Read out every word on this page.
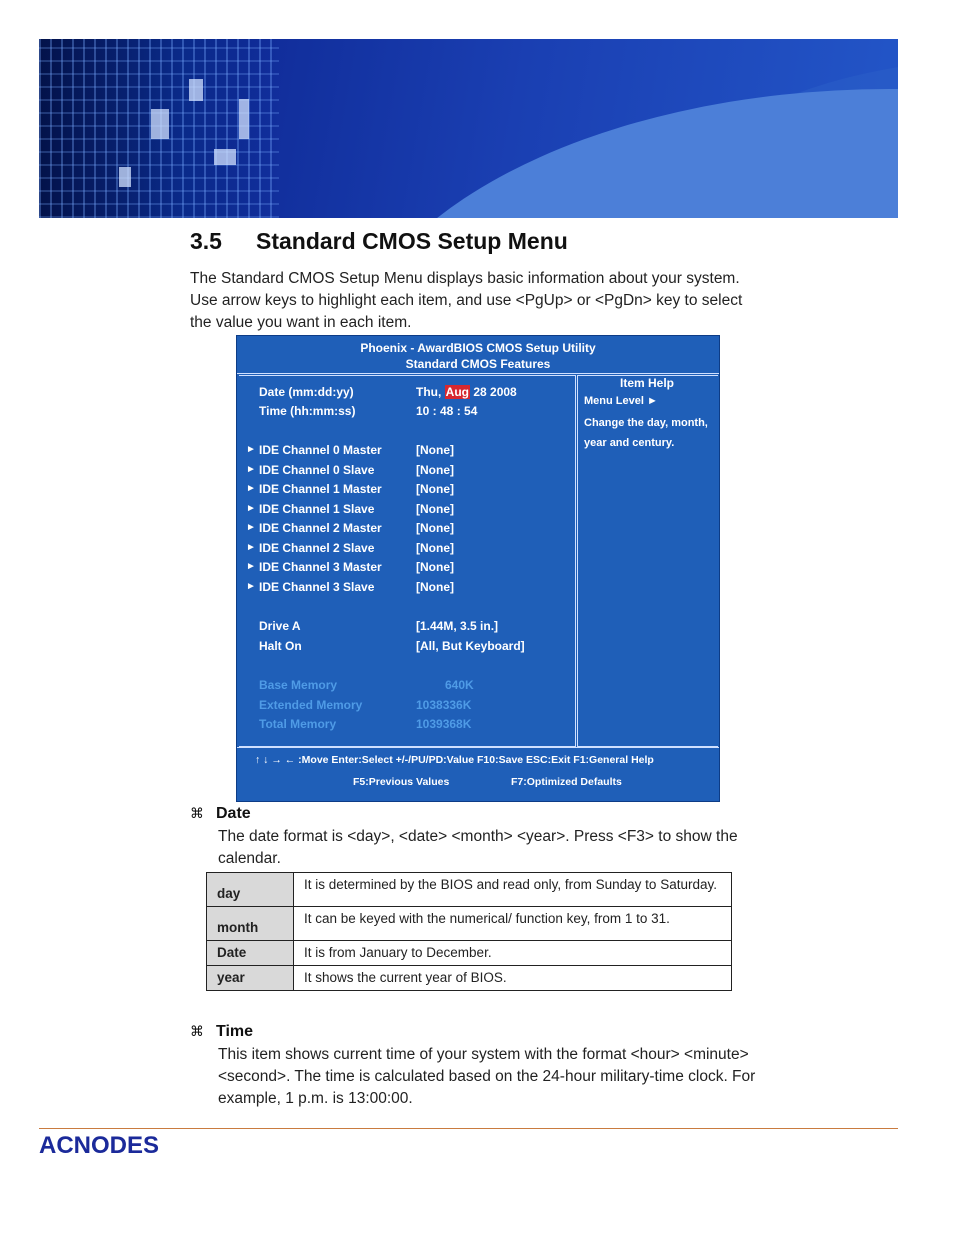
3.5 Standard CMOS Setup Menu

The Standard CMOS Setup Menu displays basic information about your system. Use arrow keys to highlight each item, and use <PgUp> or <PgDn> key to select the value you want in each item.

Phoenix - AwardBIOS CMOS Setup Utility
Standard CMOS Features
Date (mm:dd:yy)	Thu, Aug 28 2008
Time (hh:mm:ss)	10 : 48 : 54
► IDE Channel 0 Master	[None]
► IDE Channel 0 Slave	[None]
► IDE Channel 1 Master	[None]
► IDE Channel 1 Slave	[None]
► IDE Channel 2 Master	[None]
► IDE Channel 2 Slave	[None]
► IDE Channel 3 Master	[None]
► IDE Channel 3 Slave	[None]
Drive A	[1.44M, 3.5 in.]
Halt On	[All, But Keyboard]
Base Memory	640K
Extended Memory	1038336K
Total Memory	1039368K
Item Help
Menu Level ►
Change the day, month, year and century.
↑ ↓ → ← :Move Enter:Select +/-/PU/PD:Value F10:Save ESC:Exit F1:General Help
F5:Previous Values	F7:Optimized Defaults
⌘ Date

The date format is <day>, <date> <month> <year>. Press <F3> to show the calendar.

day	It is determined by the BIOS and read only, from Sunday to Saturday.
month	It can be keyed with the numerical/ function key, from 1 to 31.
Date	It is from January to December.
year	It shows the current year of BIOS.
⌘ Time

This item shows current time of your system with the format <hour> <minute> <second>. The time is calculated based on the 24-hour military-time clock. For example, 1 p.m. is 13:00:00.

ACNODES
